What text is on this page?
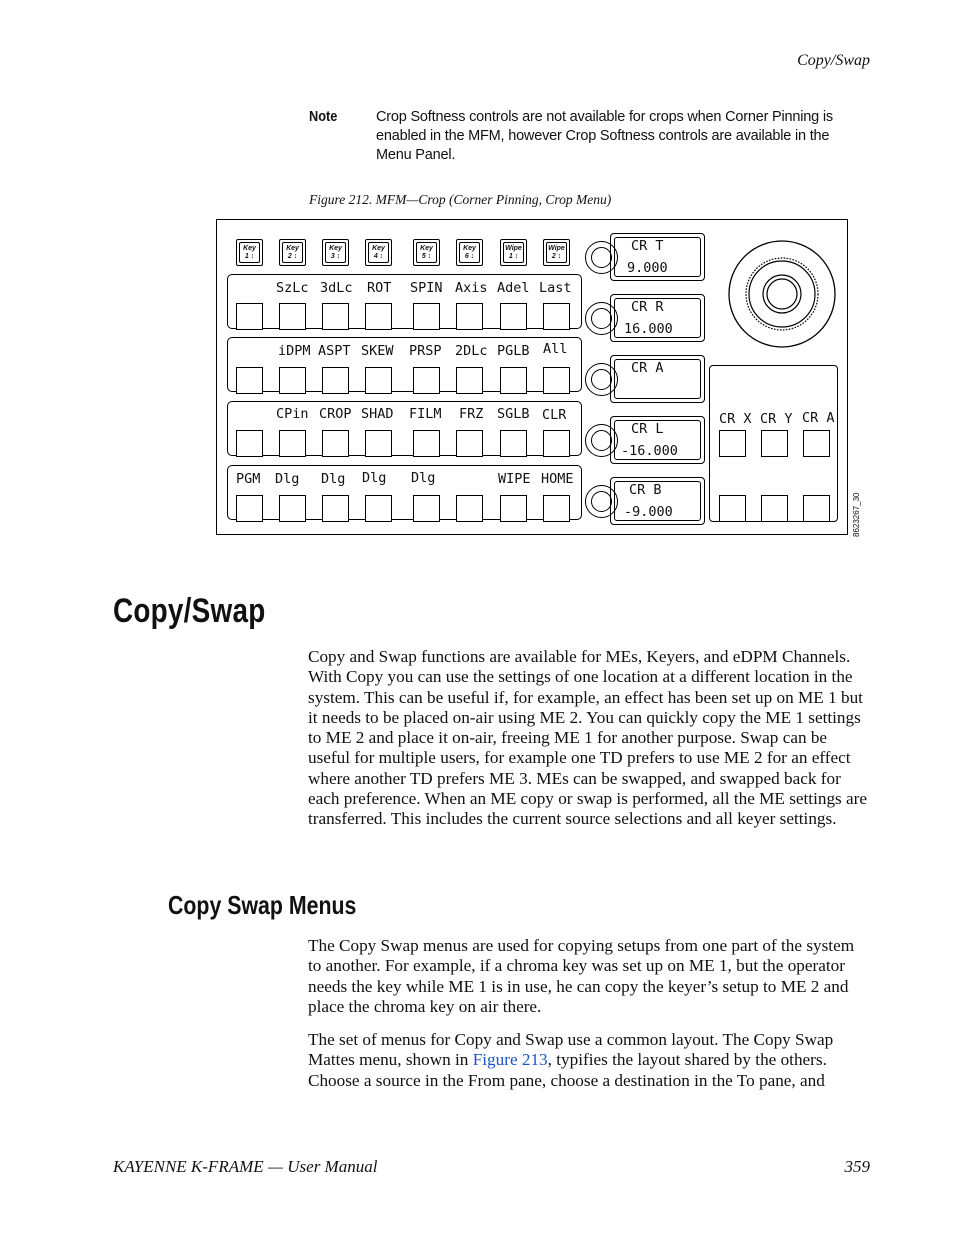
Copy/Swap
Note	Crop Softness controls are not available for crops when Corner Pinning is enabled in the MFM, however Crop Softness controls are available in the Menu Panel.
Figure 212. MFM—Crop (Corner Pinning, Crop Menu)
Key
1 ↕
Key
2 ↕
Key
3 ↕
Key
4 ↕
Key
5 ↕
Key
6 ↕
Wipe
1 ↕
Wipe
2 ↕
SzLc 3dLc ROT SPIN Axis Adel Last
iDPM ASPT SKEW PRSP 2DLc PGLB All
CPin CROP SHAD FILM FRZ SGLB CLR
PGM Dlg Dlg Dlg Dlg	WIPE HOME
CR T
9.000
CR R
16.000
CR A
CR L
-16.000
CR B
-9.000
CR X CR Y CR A
8623267_30
Copy/Swap

Copy and Swap functions are available for MEs, Keyers, and eDPM Channels. With Copy you can use the settings of one location at a different location in the system. This can be useful if, for example, an effect has been set up on ME 1 but it needs to be placed on-air using ME 2. You can quickly copy the ME 1 settings to ME 2 and place it on-air, freeing ME 1 for another purpose. Swap can be useful for multiple users, for example one TD prefers to use ME 2 for an effect where another TD prefers ME 3. MEs can be swapped, and swapped back for each preference. When an ME copy or swap is performed, all the ME settings are transferred. This includes the current source selections and all keyer settings.

Copy Swap Menus

The Copy Swap menus are used for copying setups from one part of the system to another. For example, if a chroma key was set up on ME 1, but the operator needs the key while ME 1 is in use, he can copy the keyer’s setup to ME 2 and place the chroma key on air there.

The set of menus for Copy and Swap use a common layout. The Copy Swap Mattes menu, shown in Figure 213, typifies the layout shared by the others. Choose a source in the From pane, choose a destination in the To pane, and

KAYENNE K-FRAME — User Manual	359
